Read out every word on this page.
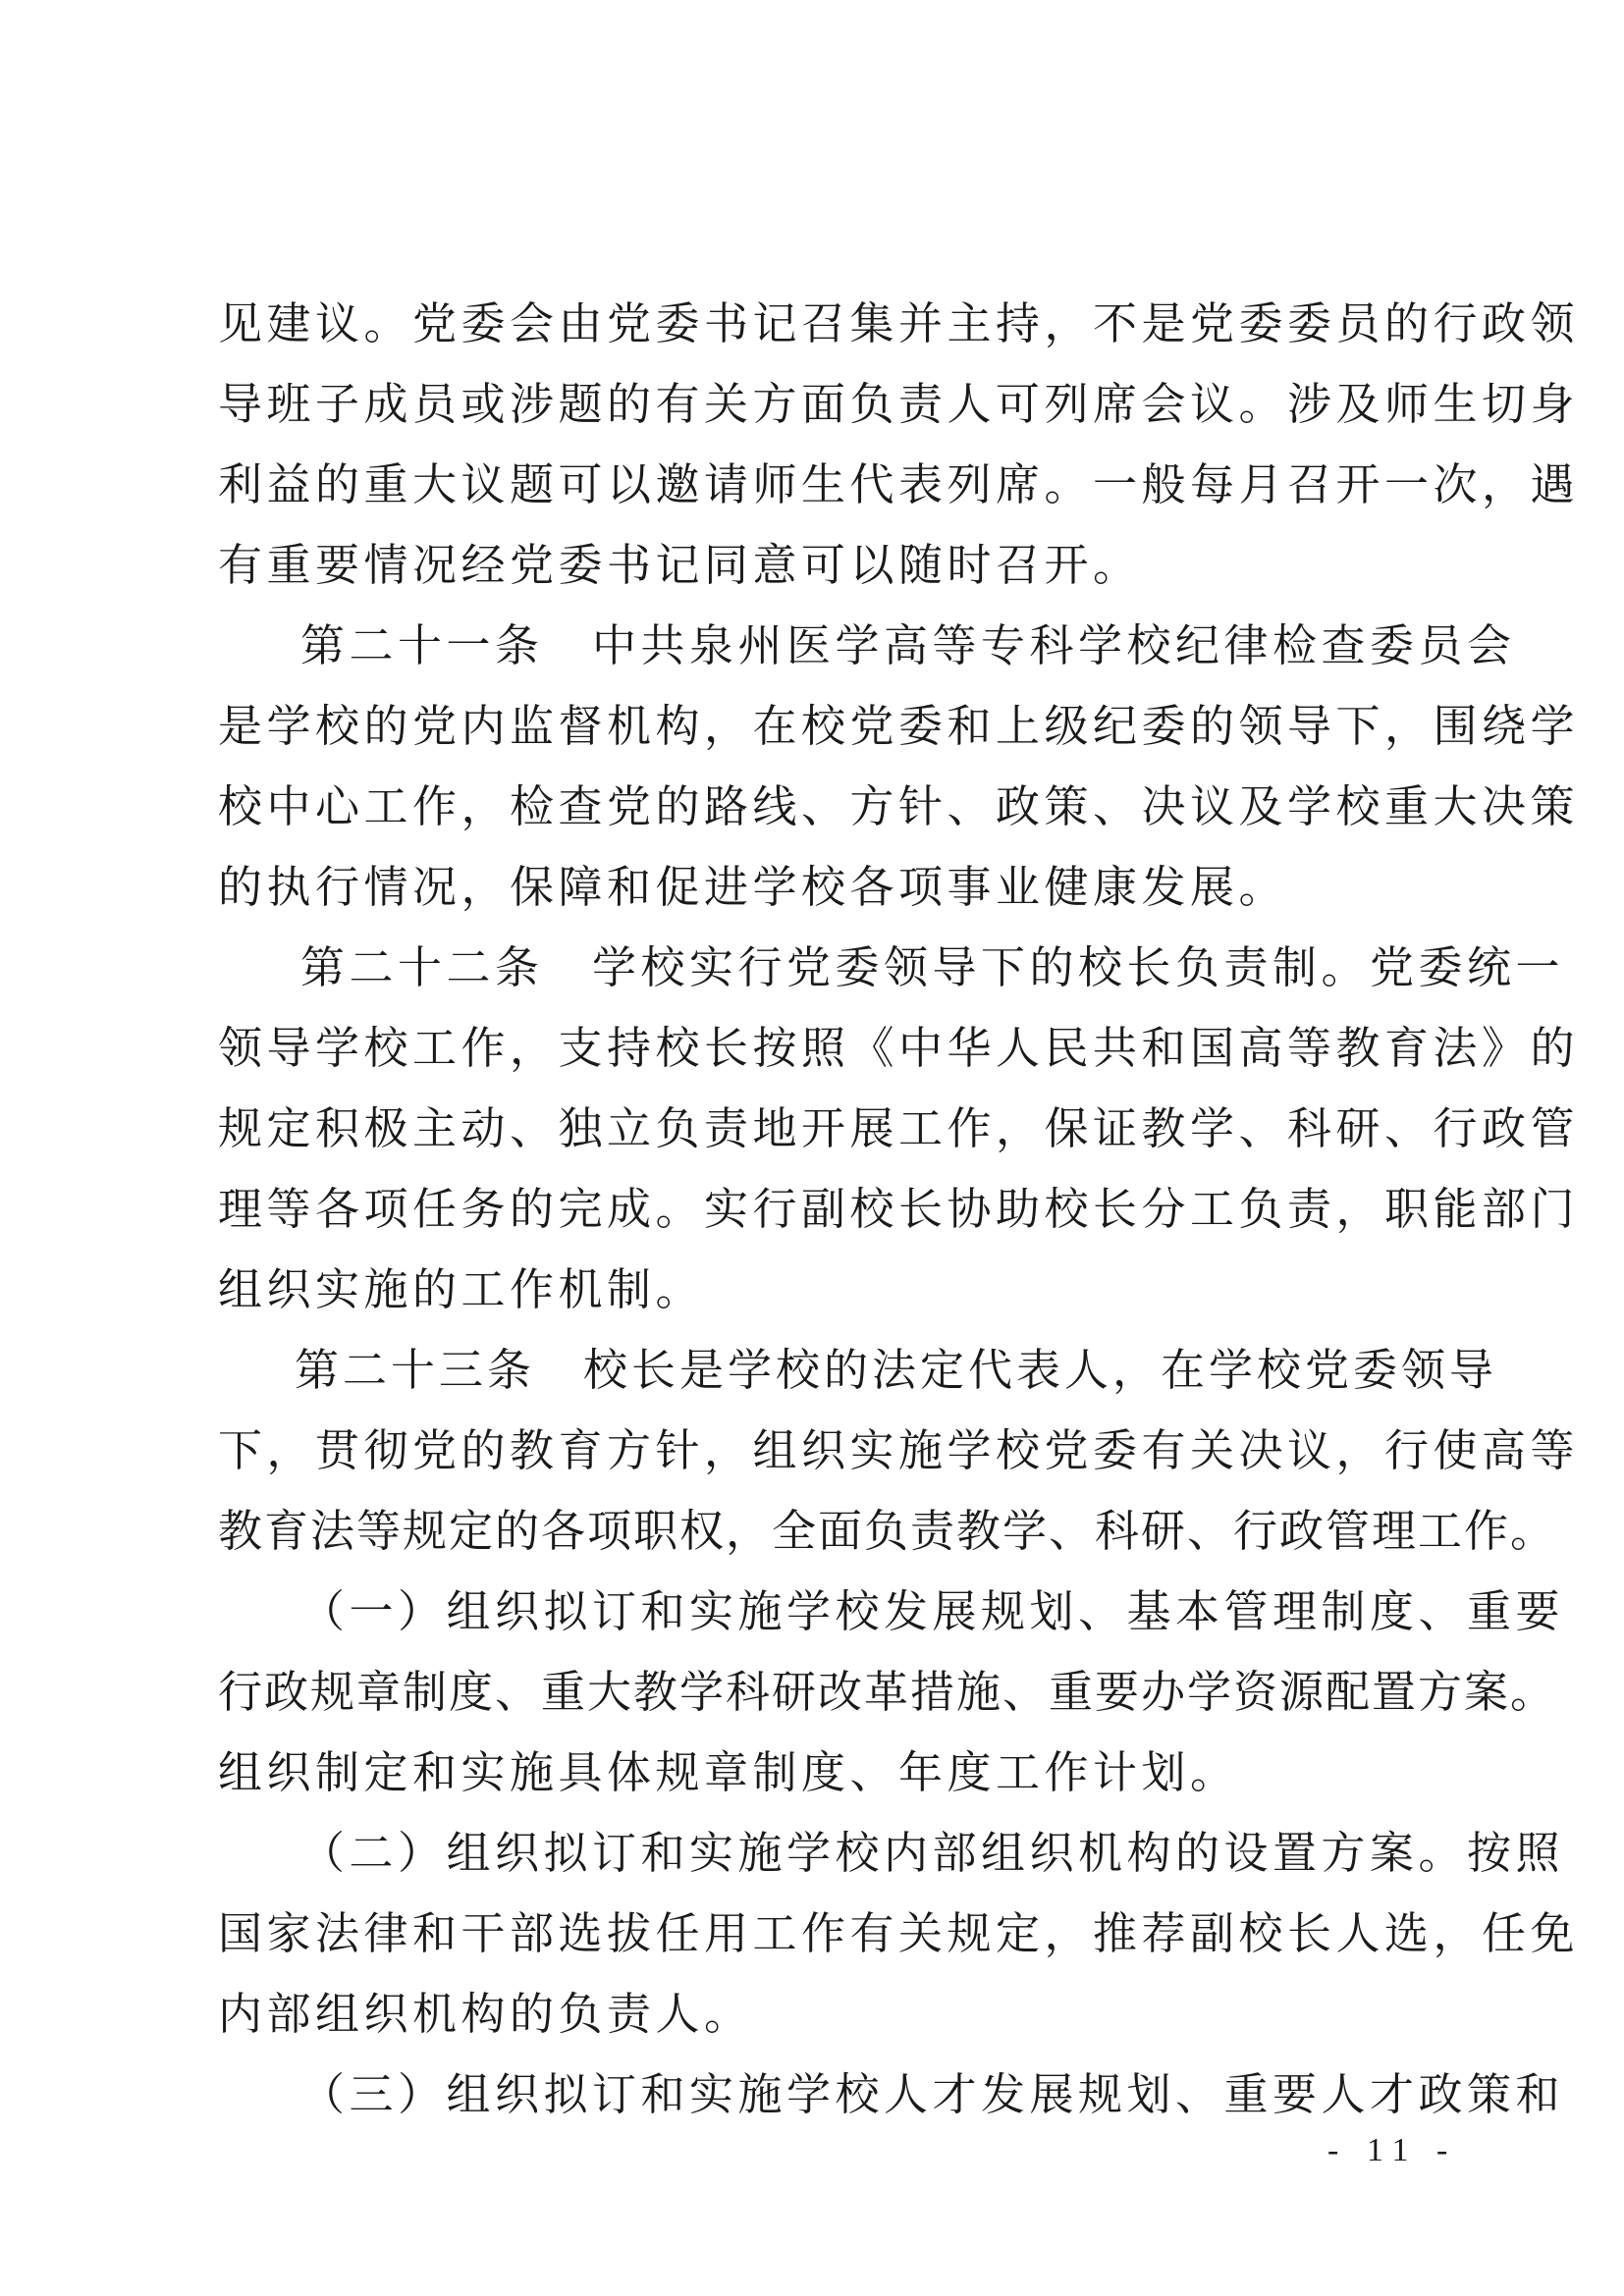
见建议。党委会由党委书记召集并主持，不是党委委员的行政领
导班子成员或涉题的有关方面负责人可列席会议。涉及师生切身
利益的重大议题可以邀请师生代表列席。一般每月召开一次，遇
有重要情况经党委书记同意可以随时召开。
第二十一条　中共泉州医学高等专科学校纪律检查委员会
是学校的党内监督机构，在校党委和上级纪委的领导下，围绕学
校中心工作，检查党的路线、方针、政策、决议及学校重大决策
的执行情况，保障和促进学校各项事业健康发展。
第二十二条　学校实行党委领导下的校长负责制。党委统一
领导学校工作，支持校长按照《中华人民共和国高等教育法》的
规定积极主动、独立负责地开展工作，保证教学、科研、行政管
理等各项任务的完成。实行副校长协助校长分工负责，职能部门
组织实施的工作机制。
第二十三条　校长是学校的法定代表人，在学校党委领导
下，贯彻党的教育方针，组织实施学校党委有关决议，行使高等
教育法等规定的各项职权，全面负责教学、科研、行政管理工作。
（一）组织拟订和实施学校发展规划、基本管理制度、重要
行政规章制度、重大教学科研改革措施、重要办学资源配置方案。
组织制定和实施具体规章制度、年度工作计划。
（二）组织拟订和实施学校内部组织机构的设置方案。按照
国家法律和干部选拔任用工作有关规定，推荐副校长人选，任免
内部组织机构的负责人。
（三）组织拟订和实施学校人才发展规划、重要人才政策和
- 11 -
